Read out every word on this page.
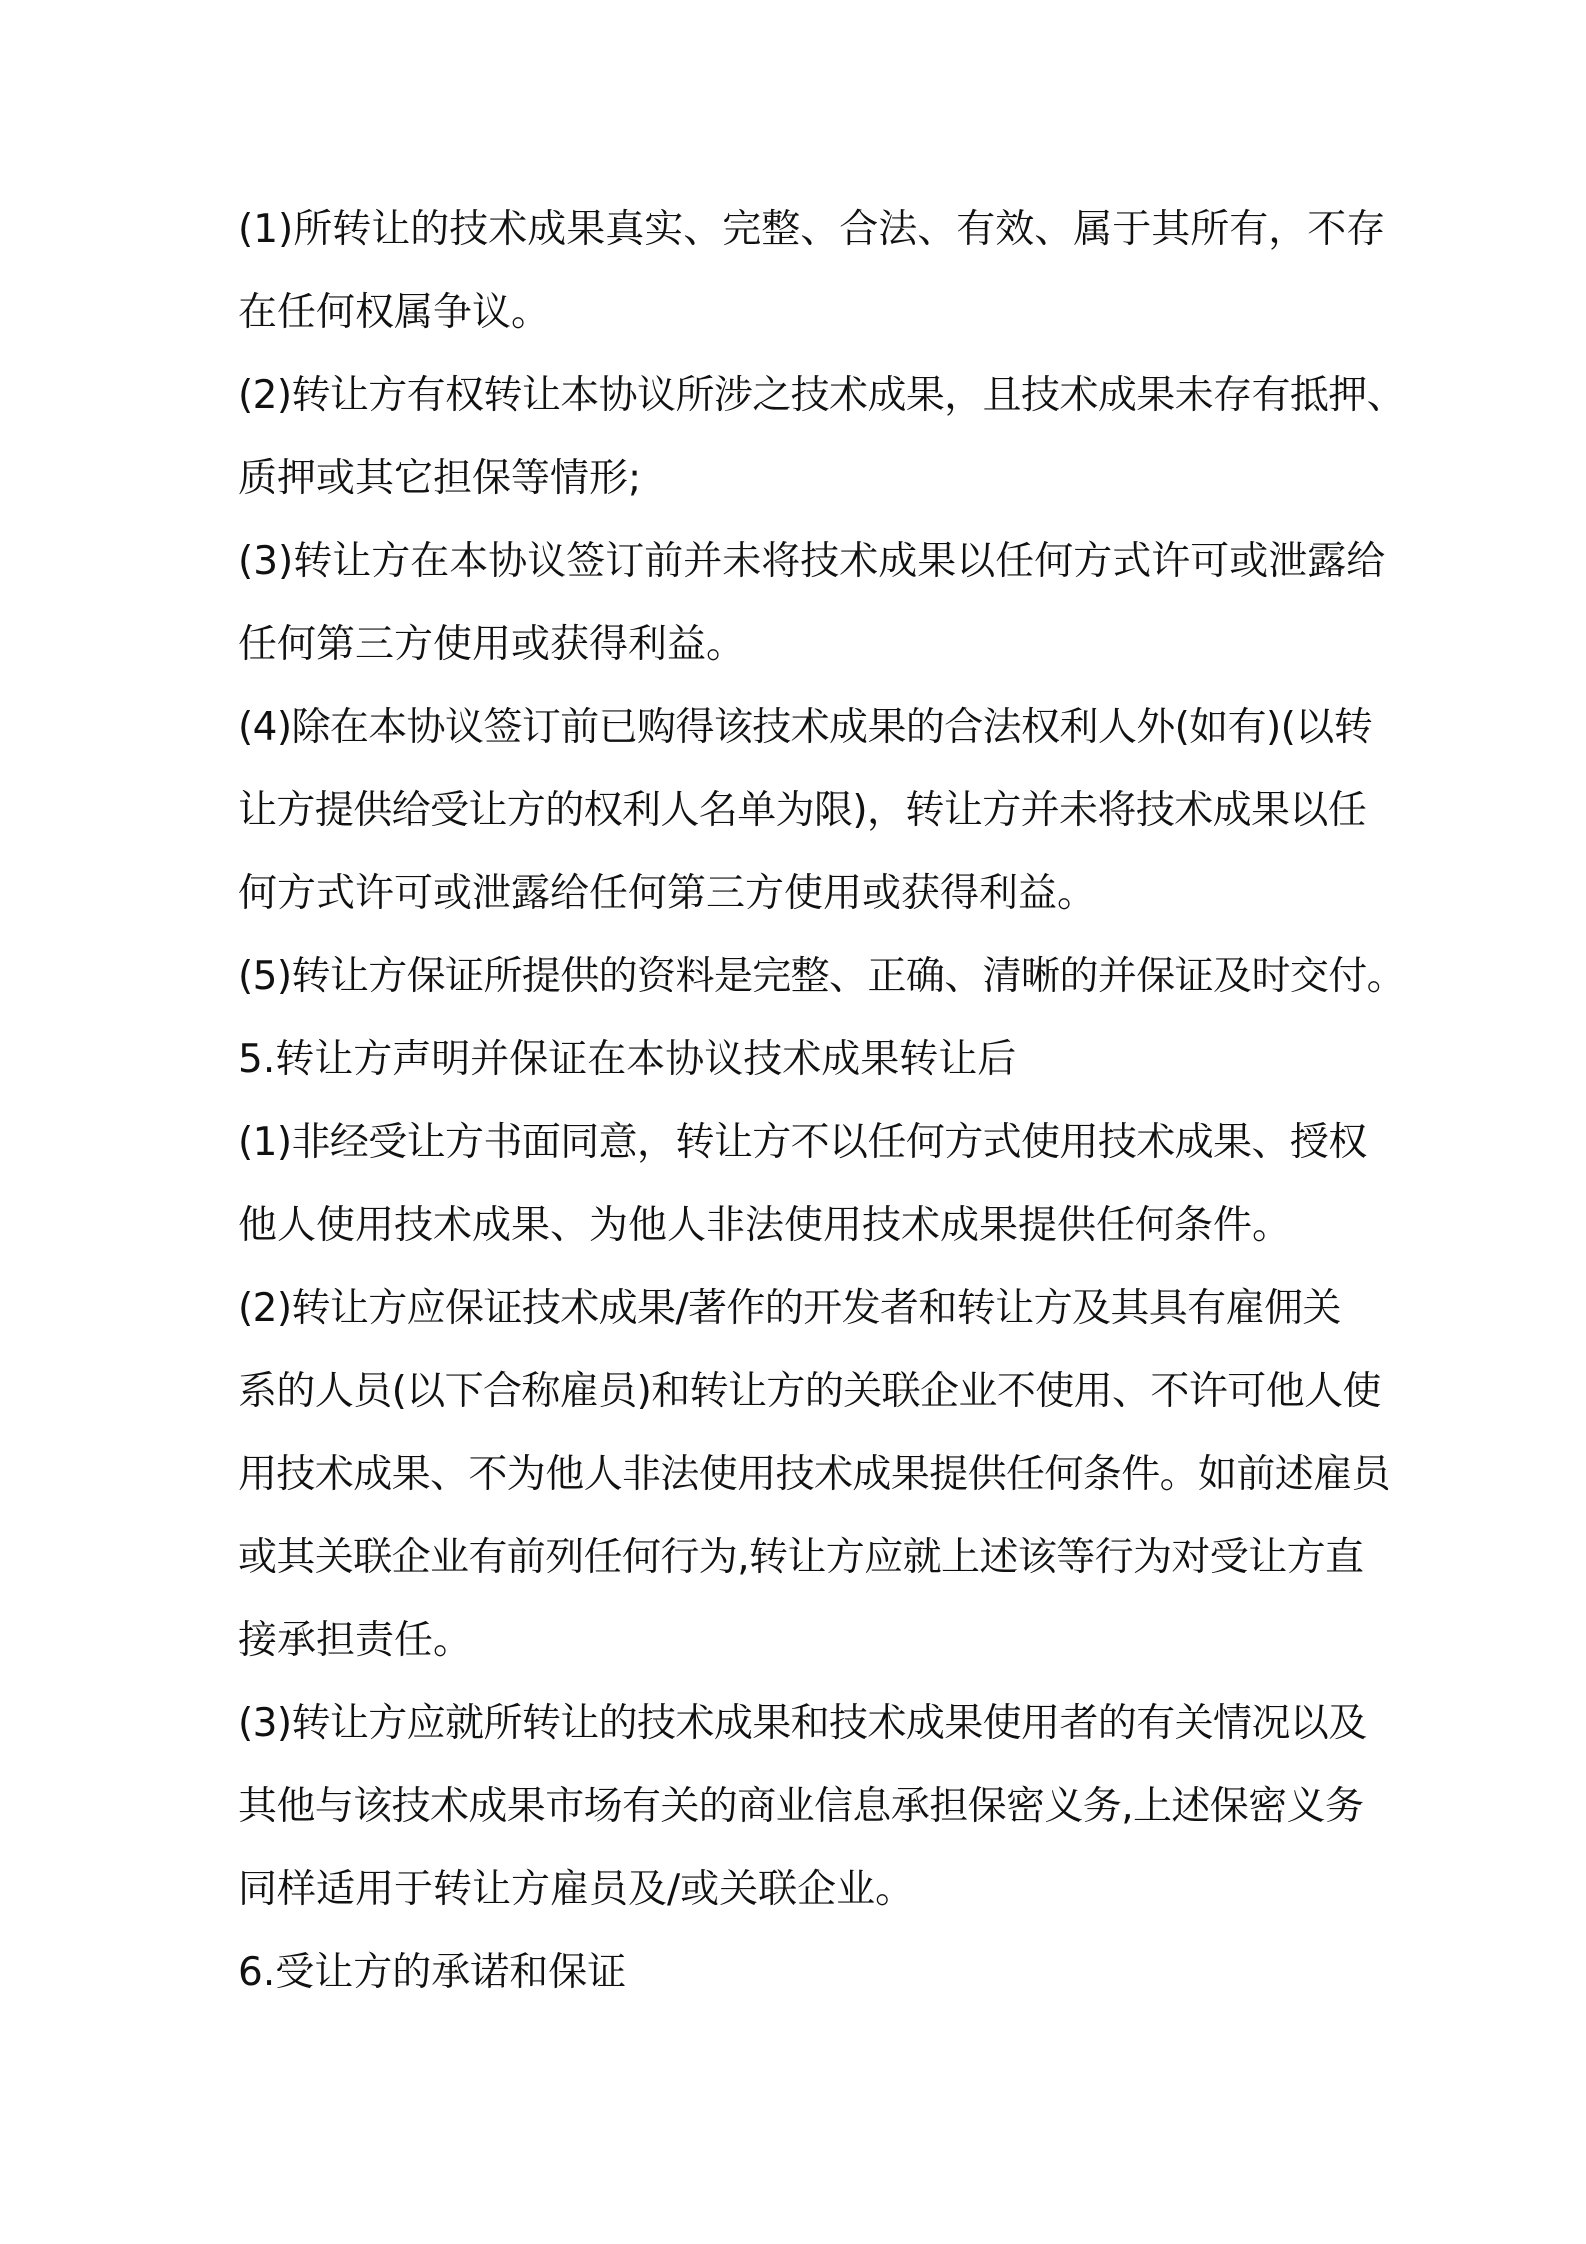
(1)所转让的技术成果真实、完整、合法、有效、属于其所有，不存
在任何权属争议。
(2)转让方有权转让本协议所涉之技术成果，且技术成果未存有抵押、
质押或其它担保等情形;
(3)转让方在本协议签订前并未将技术成果以任何方式许可或泄露给
任何第三方使用或获得利益。
(4)除在本协议签订前已购得该技术成果的合法权利人外(如有)(以转
让方提供给受让方的权利人名单为限)，转让方并未将技术成果以任
何方式许可或泄露给任何第三方使用或获得利益。
(5)转让方保证所提供的资料是完整、正确、清晰的并保证及时交付。
5.转让方声明并保证在本协议技术成果转让后
(1)非经受让方书面同意，转让方不以任何方式使用技术成果、授权
他人使用技术成果、为他人非法使用技术成果提供任何条件。
(2)转让方应保证技术成果/著作的开发者和转让方及其具有雇佣关
系的人员(以下合称雇员)和转让方的关联企业不使用、不许可他人使
用技术成果、不为他人非法使用技术成果提供任何条件。如前述雇员
或其关联企业有前列任何行为,转让方应就上述该等行为对受让方直
接承担责任。
(3)转让方应就所转让的技术成果和技术成果使用者的有关情况以及
其他与该技术成果市场有关的商业信息承担保密义务,上述保密义务
同样适用于转让方雇员及/或关联企业。
6.受让方的承诺和保证
